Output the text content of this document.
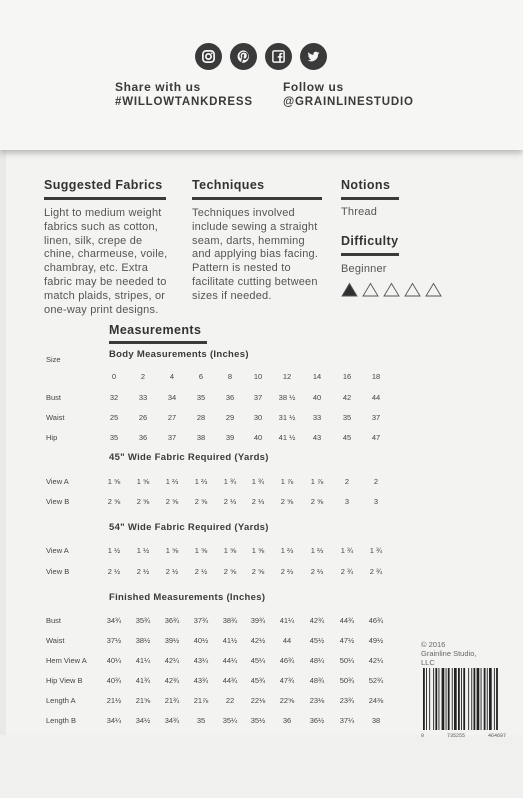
Share with us
#WILLOWTANKDRESS
Follow us
@GRAINLINESTUDIO
Suggested Fabrics
Light to medium weight
fabrics such as cotton,
linen, silk, crepe de
chine, charmeuse, voile,
chambray, etc. Extra
fabric may be needed to
match plaids, stripes, or
one-way print designs.
Techniques
Techniques involved
include sewing a straight
seam, darts, hemming
and applying bias facing.
Pattern is nested to
facilitate cutting between
sizes if needed.
Notions
Thread
Difficulty
Beginner
Measurements
Size
0	2	4	6	8	10	12	14	16	18
Body Measurements (Inches)
Bust	32	33	34	35	36	37	38 ½	40	42	44
Waist	25	26	27	28	29	30	31 ½	33	35	37
Hip	35	36	37	38	39	40	41 ½	43	45	47
45" Wide Fabric Required (Yards)
View A	1 ⅝	1 ⅝	1 ⅔	1 ⅔	1 ¾	1 ¾	1 ⅞	1 ⅞	2	2
View B	2 ⅝	2 ⅝	2 ⅝	2 ⅝	2 ⅓	2 ⅓	2 ⅝	2 ⅝	3	3
54" Wide Fabric Required (Yards)
View A	1 ½	1 ½	1 ⅝	1 ⅝	1 ⅝	1 ⅝	1 ⅔	1 ⅔	1 ¾	1 ¾
View B	2 ½	2 ½	2 ½	2 ½	2 ⅝	2 ⅝	2 ⅔	2 ⅔	2 ¾	2 ¾
Finished Measurements (Inches)
Bust	34¾	35¾	36¾	37¾	38¾	39¾	41¼	42¾	44¾	46¾
Waist	37½	38½	39½	40½	41½	42½	44	45½	47½	49½
Hem View A	40¼	41¼	42¼	43¼	44¼	45¼	46¾	48¼	50¼	42¼
Hip View B	40¾	41¾	42¾	43¾	44¾	45¾	47¾	48¾	50¾	52¾
Length A	21½	21⅝	21¾	21⅞	22	22⅛	22⅝	23⅛	23¾	24⅜
Length B	34¼	34½	34¾	35	35¼	35½	36	36½	37¼	38
© 2016
Grainline Studio,
LLC
0	735255	464697
